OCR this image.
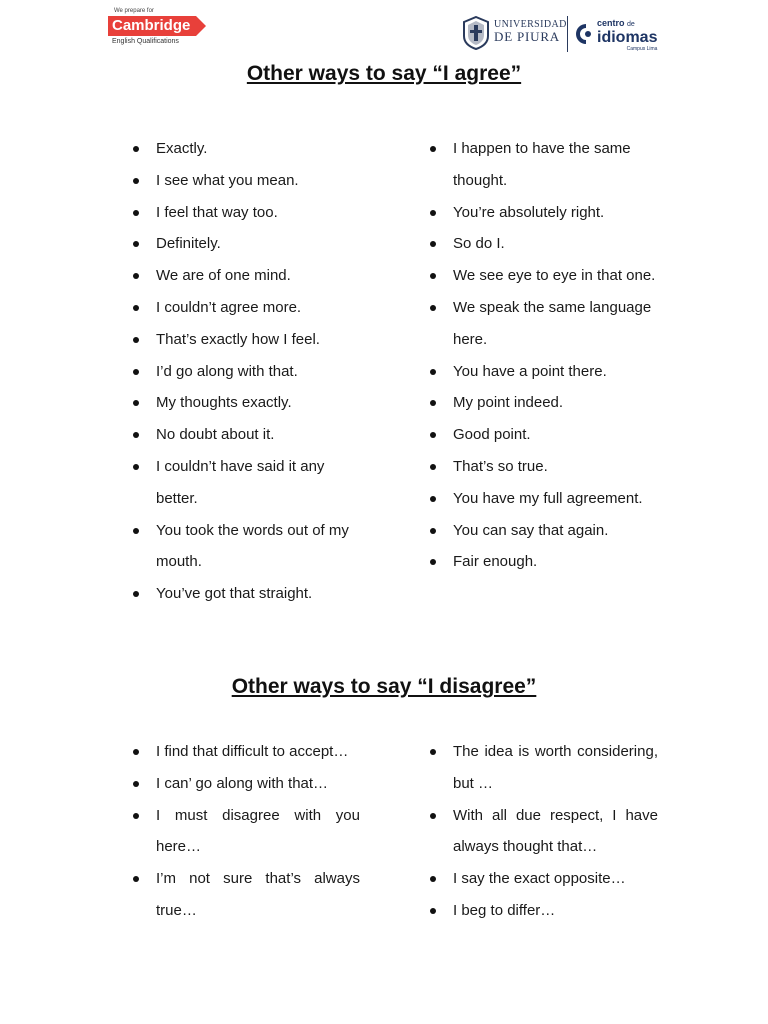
We prepare for
Cambridge
English Qualifications
UNIVERSIDAD
DE PIURA
centro de
idiomas
Campus Lima
Other ways to say “I agree”
Exactly.
I see what you mean.
I feel that way too.
Definitely.
We are of one mind.
I couldn’t agree more.
That’s exactly how I feel.
I’d go along with that.
My thoughts exactly.
No doubt about it.
I couldn’t have said it any better.
You took the words out of my mouth.
You’ve got that straight.
I happen to have the same thought.
You’re absolutely right.
So do I.
We see eye to eye in that one.
We speak the same language here.
You have a point there.
My point indeed.
Good point.
That’s so true.
You have my full agreement.
You can say that again.
Fair enough.
Other ways to say “I disagree”
I find that difficult to accept…
I can’ go along with that…
I must disagree with you here…
I’m not sure that’s always true…
The idea is worth considering, but …
With all due respect, I have always thought that…
I say the exact opposite…
I beg to differ…
